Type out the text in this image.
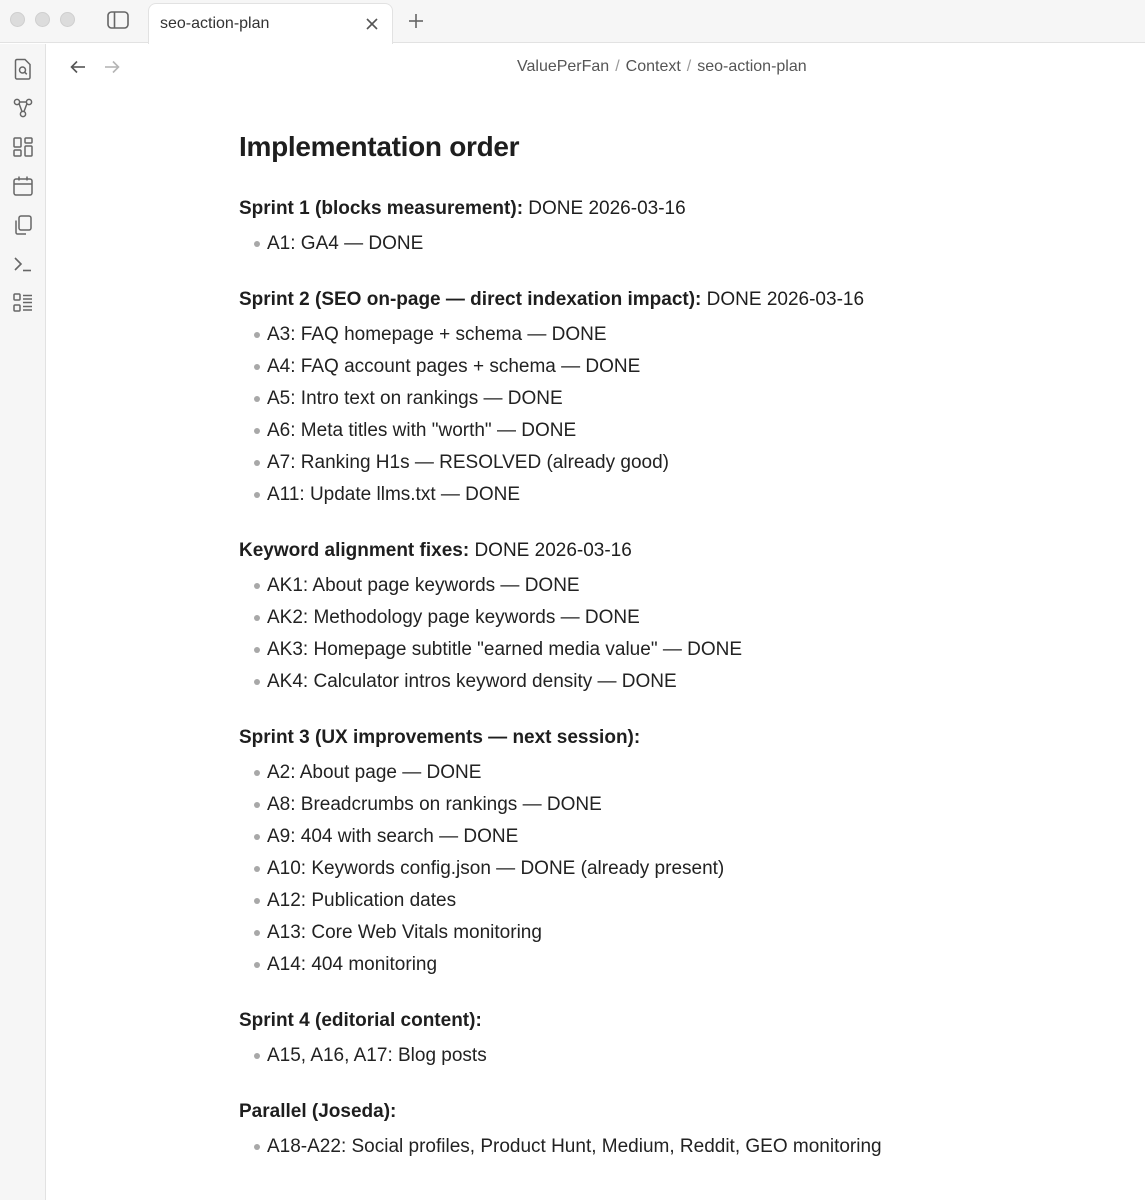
seo-action-plan
ValuePerFan / Context / seo-action-plan
Implementation order
Sprint 1 (blocks measurement): DONE 2026-03-16
A1: GA4 — DONE
Sprint 2 (SEO on-page — direct indexation impact): DONE 2026-03-16
A3: FAQ homepage + schema — DONE
A4: FAQ account pages + schema — DONE
A5: Intro text on rankings — DONE
A6: Meta titles with "worth" — DONE
A7: Ranking H1s — RESOLVED (already good)
A11: Update llms.txt — DONE
Keyword alignment fixes: DONE 2026-03-16
AK1: About page keywords — DONE
AK2: Methodology page keywords — DONE
AK3: Homepage subtitle "earned media value" — DONE
AK4: Calculator intros keyword density — DONE
Sprint 3 (UX improvements — next session):
A2: About page — DONE
A8: Breadcrumbs on rankings — DONE
A9: 404 with search — DONE
A10: Keywords config.json — DONE (already present)
A12: Publication dates
A13: Core Web Vitals monitoring
A14: 404 monitoring
Sprint 4 (editorial content):
A15, A16, A17: Blog posts
Parallel (Joseda):
A18-A22: Social profiles, Product Hunt, Medium, Reddit, GEO monitoring
